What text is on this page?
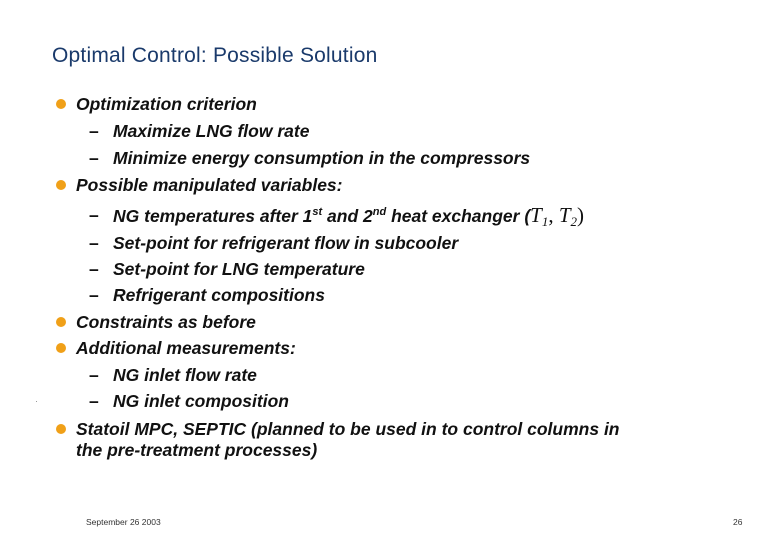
Optimal Control: Possible Solution
Optimization criterion
– Maximize LNG flow rate
– Minimize energy consumption in the compressors
Possible manipulated variables:
– NG temperatures after 1st and 2nd heat exchanger ($T_1$, $T_2$)
– Set-point for refrigerant flow in subcooler
– Set-point for LNG temperature
– Refrigerant compositions
Constraints as before
Additional measurements:
– NG inlet flow rate
– NG inlet composition
Statoil MPC, SEPTIC (planned to be used in to control columns in
the pre-treatment processes)
September 26 2003	26
